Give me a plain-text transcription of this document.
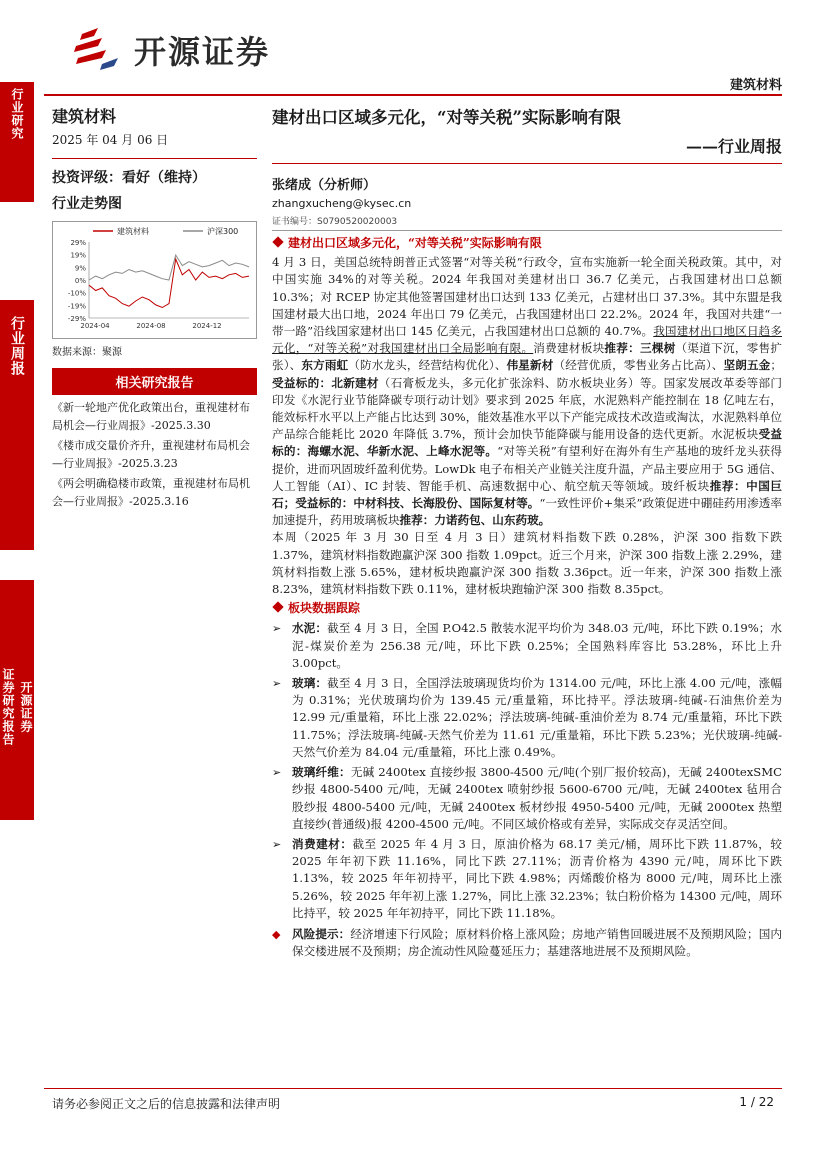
开源证券
建筑材料
行业研究
行业周报
证券研究报告 开源证券
建筑材料
2025 年 04 月 06 日
投资评级：看好（维持）
行业走势图
29%
19%
9%
0%
-10%
-19%
-29%
2024-04	2024-08	2024-12
建筑材料	沪深300
数据来源：聚源
相关研究报告
《新一轮地产优化政策出台，重视建材布局机会—行业周报》-2025.3.30
《楼市成交量价齐升，重视建材布局机会—行业周报》-2025.3.23
《两会明确稳楼市政策，重视建材布局机会—行业周报》-2025.3.16
建材出口区域多元化，“对等关税”实际影响有限
——行业周报
张绪成（分析师）
zhangxucheng@kysec.cn
证书编号：S0790520020003
建材出口区域多元化，“对等关税”实际影响有限
4 月 3 日，美国总统特朗普正式签署“对等关税”行政令，宣布实施新一轮全面关税政策。其中，对中国实施 34%的对等关税。2024 年我国对美建材出口 36.7 亿美元，占我国建材出口总额 10.3%；对 RCEP 协定其他签署国建材出口达到 133 亿美元，占建材出口 37.3%。其中东盟是我国建材最大出口地，2024 年出口 79 亿美元，占我国建材出口 22.2%。2024 年，我国对共建“一带一路”沿线国家建材出口 145 亿美元，占我国建材出口总额的 40.7%。我国建材出口地区日趋多元化，“对等关税”对我国建材出口全局影响有限。消费建材板块推荐：三棵树（渠道下沉，零售扩张）、东方雨虹（防水龙头，经营结构优化）、伟星新材（经营优质，零售业务占比高）、坚朗五金；受益标的：北新建材（石膏板龙头，多元化扩张涂料、防水板块业务）等。国家发展改革委等部门印发《水泥行业节能降碳专项行动计划》要求到 2025 年底，水泥熟料产能控制在 18 亿吨左右，能效标杆水平以上产能占比达到 30%，能效基准水平以下产能完成技术改造或淘汰，水泥熟料单位产品综合能耗比 2020 年降低 3.7%，预计会加快节能降碳与能用设备的迭代更新。水泥板块受益标的：海螺水泥、华新水泥、上峰水泥等。“对等关税”有望利好在海外有生产基地的玻纤龙头获得提价，进而巩固玻纤盈利优势。LowDk 电子布相关产业链关注度升温，产品主要应用于 5G 通信、人工智能（AI）、IC 封装、智能手机、高速数据中心、航空航天等领域。玻纤板块推荐：中国巨石；受益标的：中材科技、长海股份、国际复材等。“一致性评价+集采”政策促进中硼硅药用渗透率加速提升，药用玻璃板块推荐：力诺药包、山东药玻。
本周（2025 年 3 月 30 日至 4 月 3 日）建筑材料指数下跌 0.28%，沪深 300 指数下跌 1.37%，建筑材料指数跑赢沪深 300 指数 1.09pct。近三个月来，沪深 300 指数上涨 2.29%，建筑材料指数上涨 5.65%，建材板块跑赢沪深 300 指数 3.36pct。近一年来，沪深 300 指数上涨 8.23%，建筑材料指数下跌 0.11%，建材板块跑输沪深 300 指数 8.35pct。
板块数据跟踪
➢ 水泥：截至 4 月 3 日，全国 P.O42.5 散装水泥平均价为 348.03 元/吨，环比下跌 0.19%；水泥-煤炭价差为 256.38 元/吨，环比下跌 0.25%；全国熟料库容比 53.28%，环比上升 3.00pct。
➢ 玻璃：截至 4 月 3 日，全国浮法玻璃现货均价为 1314.00 元/吨，环比上涨 4.00 元/吨，涨幅为 0.31%；光伏玻璃均价为 139.45 元/重量箱，环比持平。浮法玻璃-纯碱-石油焦价差为 12.99 元/重量箱，环比上涨 22.02%；浮法玻璃-纯碱-重油价差为 8.74 元/重量箱，环比下跌 11.75%；浮法玻璃-纯碱-天然气价差为 11.61 元/重量箱，环比下跌 5.23%；光伏玻璃-纯碱-天然气价差为 84.04 元/重量箱，环比上涨 0.49%。
➢ 玻璃纤维：无碱 2400tex 直接纱报 3800-4500 元/吨(个别厂报价较高)，无碱 2400texSMC 纱报 4800-5400 元/吨，无碱 2400tex 喷射纱报 5600-6700 元/吨，无碱 2400tex 毡用合股纱报 4800-5400 元/吨，无碱 2400tex 板材纱报 4950-5400 元/吨，无碱 2000tex 热塑直接纱(普通级)报 4200-4500 元/吨。不同区域价格或有差异，实际成交存灵活空间。
➢ 消费建材：截至 2025 年 4 月 3 日，原油价格为 68.17 美元/桶，周环比下跌 11.87%，较 2025 年年初下跌 11.16%，同比下跌 27.11%；沥青价格为 4390 元/吨，周环比下跌 1.13%，较 2025 年年初持平，同比下跌 4.98%；丙烯酸价格为 8000 元/吨，周环比上涨 5.26%，较 2025 年年初上涨 1.27%，同比上涨 32.23%；钛白粉价格为 14300 元/吨，周环比持平，较 2025 年年初持平，同比下跌 11.18%。
◆ 风险提示：经济增速下行风险；原材料价格上涨风险；房地产销售回暖进展不及预期风险；国内保交楼进展不及预期；房企流动性风险蔓延压力；基建落地进展不及预期风险。
请务必参阅正文之后的信息披露和法律声明	1 / 22
